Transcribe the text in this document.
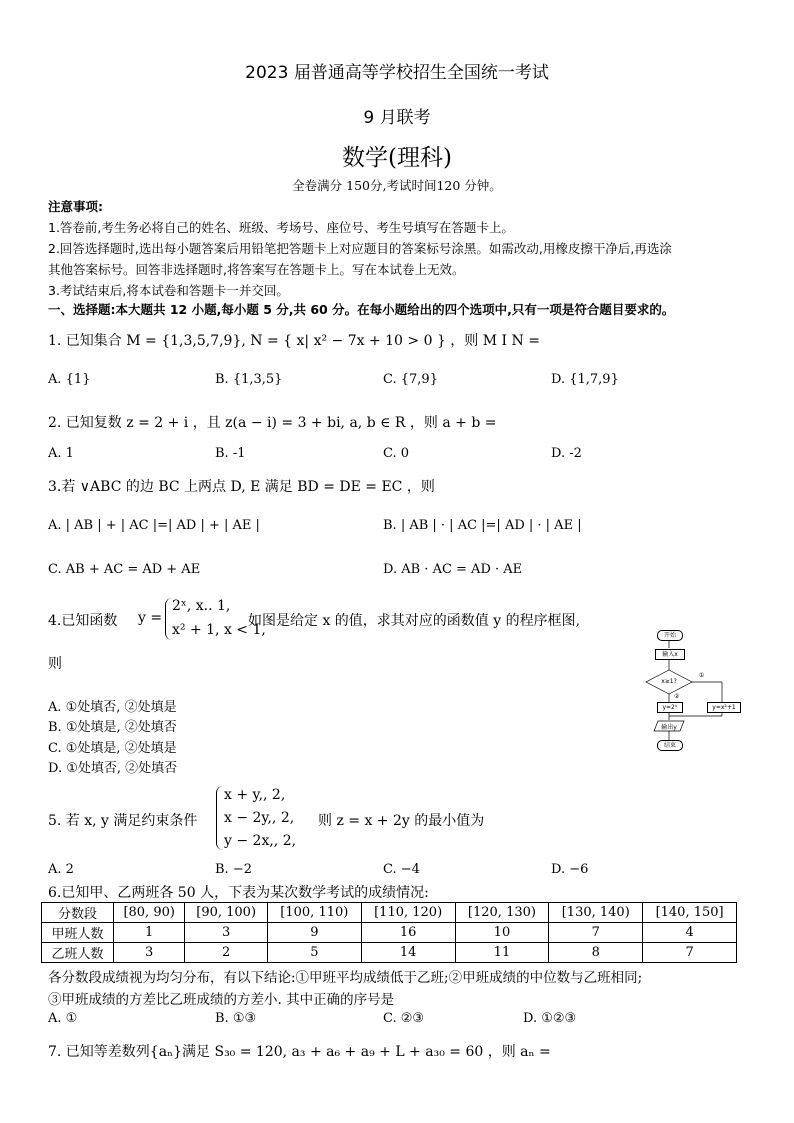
2023 届普通高等学校招生全国统一考试
9 月联考
数学(理科)
全卷满分 150分,考试时间120 分钟。
注意事项:
1.答卷前,考生务必将自己的姓名、班级、考场号、座位号、考生号填写在答题卡上。
2.回答选择题时,选出每小题答案后用铅笔把答题卡上对应题目的答案标号涂黑。如需改动,用橡皮擦干净后,再选涂
其他答案标号。回答非选择题时,将答案写在答题卡上。写在本试卷上无效。
3.考试结束后,将本试卷和答题卡一并交回。
一、选择题:本大题共 12 小题,每小题 5 分,共 60 分。在每小题给出的四个选项中,只有一项是符合题目要求的。
1. 已知集合 M = {1,3,5,7,9}, N = { x| x² − 7x + 10 > 0 } ，则 M I N =
A. {1}	B. {1,3,5}	C. {7,9}	D. {1,7,9}
2. 已知复数 z = 2 + i ，且 z(a − i) = 3 + bi, a, b ∈ R ，则 a + b =
A. 1	B. -1	C. 0	D. -2
3.若 ∨ABC 的边 BC 上两点 D, E 满足 BD = DE = EC ，则
A. | AB | + | AC |=| AD | + | AE |	B. | AB | · | AC |=| AD | · | AE |
C. AB + AC = AD + AE	D. AB · AC = AD · AE
4.已知函数 y =
2ˣ, x.. 1,
x² + 1, x < 1,
如图是给定 x 的值，求其对应的函数值 y 的程序框图,
则
A. ①处填否, ②处填是
B. ①处填是, ②处填否
C. ①处填是, ②处填是
D. ①处填否, ②处填否
开始
输入x
x≥1?
①
②
y=2ˣ	y=x²+1
输出y
结束
x + y,, 2,
5. 若 x, y 满足约束条件 x − 2y,, 2, 则 z = x + 2y 的最小值为
y − 2x,, 2,
A. 2	B. −2	C. −4	D. −6
6.已知甲、乙两班各 50 人，下表为某次数学考试的成绩情况:
分数段	[80, 90)	[90, 100)	[100, 110)	[110, 120)	[120, 130)	[130, 140)	[140, 150]
甲班人数	1	3	9	16	10	7	4
乙班人数	3	2	5	14	11	8	7
各分数段成绩视为均匀分布，有以下结论:①甲班平均成绩低于乙班;②甲班成绩的中位数与乙班相同;
③甲班成绩的方差比乙班成绩的方差小. 其中正确的序号是
A. ①	B. ①③	C. ②③	D. ①②③
7. 已知等差数列{aₙ}满足 S₃₀ = 120, a₃ + a₆ + a₉ + L + a₃₀ = 60 ，则 aₙ =
